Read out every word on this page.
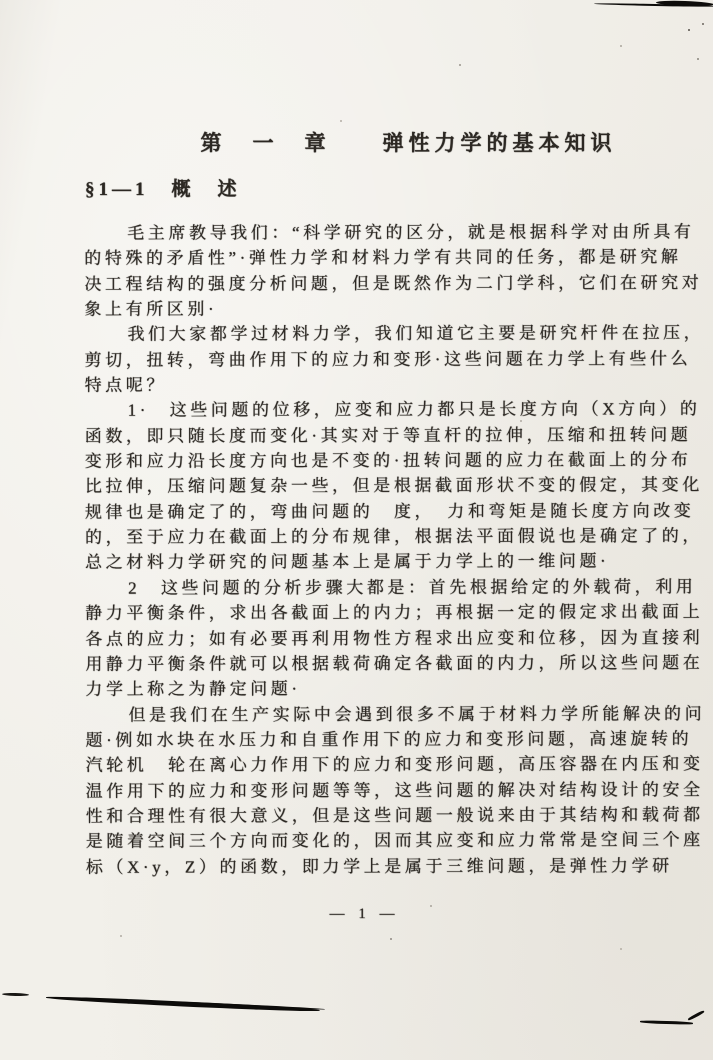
第　一　章　　弹性力学的基本知识
§1—1　概　述

毛主席教导我们：“科学研究的区分，就是根据科学对由所具有

的特殊的矛盾性”·弹性力学和材料力学有共同的任务，都是研究解

决工程结构的强度分析问题，但是既然作为二门学科，它们在研究对

象上有所区别·

我们大家都学过材料力学，我们知道它主要是研究杆件在拉压，

剪切，扭转，弯曲作用下的应力和变形·这些问题在力学上有些什么

特点呢？

1·　这些问题的位移，应变和应力都只是长度方向（X方向）的

函数，即只随长度而变化·其实对于等直杆的拉伸，压缩和扭转问题

变形和应力沿长度方向也是不变的·扭转问题的应力在截面上的分布

比拉伸，压缩问题复杂一些，但是根据截面形状不变的假定，其变化

规律也是确定了的，弯曲问题的　度，　力和弯矩是随长度方向改变

的，至于应力在截面上的分布规律，根据法平面假说也是确定了的，

总之材料力学研究的问题基本上是属于力学上的一维问题·

2　这些问题的分析步骤大都是：首先根据给定的外载荷，利用

静力平衡条件，求出各截面上的内力；再根据一定的假定求出截面上

各点的应力；如有必要再利用物性方程求出应变和位移，因为直接利

用静力平衡条件就可以根据载荷确定各截面的内力，所以这些问题在

力学上称之为静定问题·

但是我们在生产实际中会遇到很多不属于材料力学所能解决的问

题·例如水块在水压力和自重作用下的应力和变形问题，高速旋转的

汽轮机　轮在离心力作用下的应力和变形问题，高压容器在内压和变

温作用下的应力和变形问题等等，这些问题的解决对结构设计的安全

性和合理性有很大意义，但是这些问题一般说来由于其结构和载荷都

是随着空间三个方向而变化的，因而其应变和应力常常是空间三个座

标（X·y，Z）的函数，即力学上是属于三维问题，是弹性力学研

— 1 —
